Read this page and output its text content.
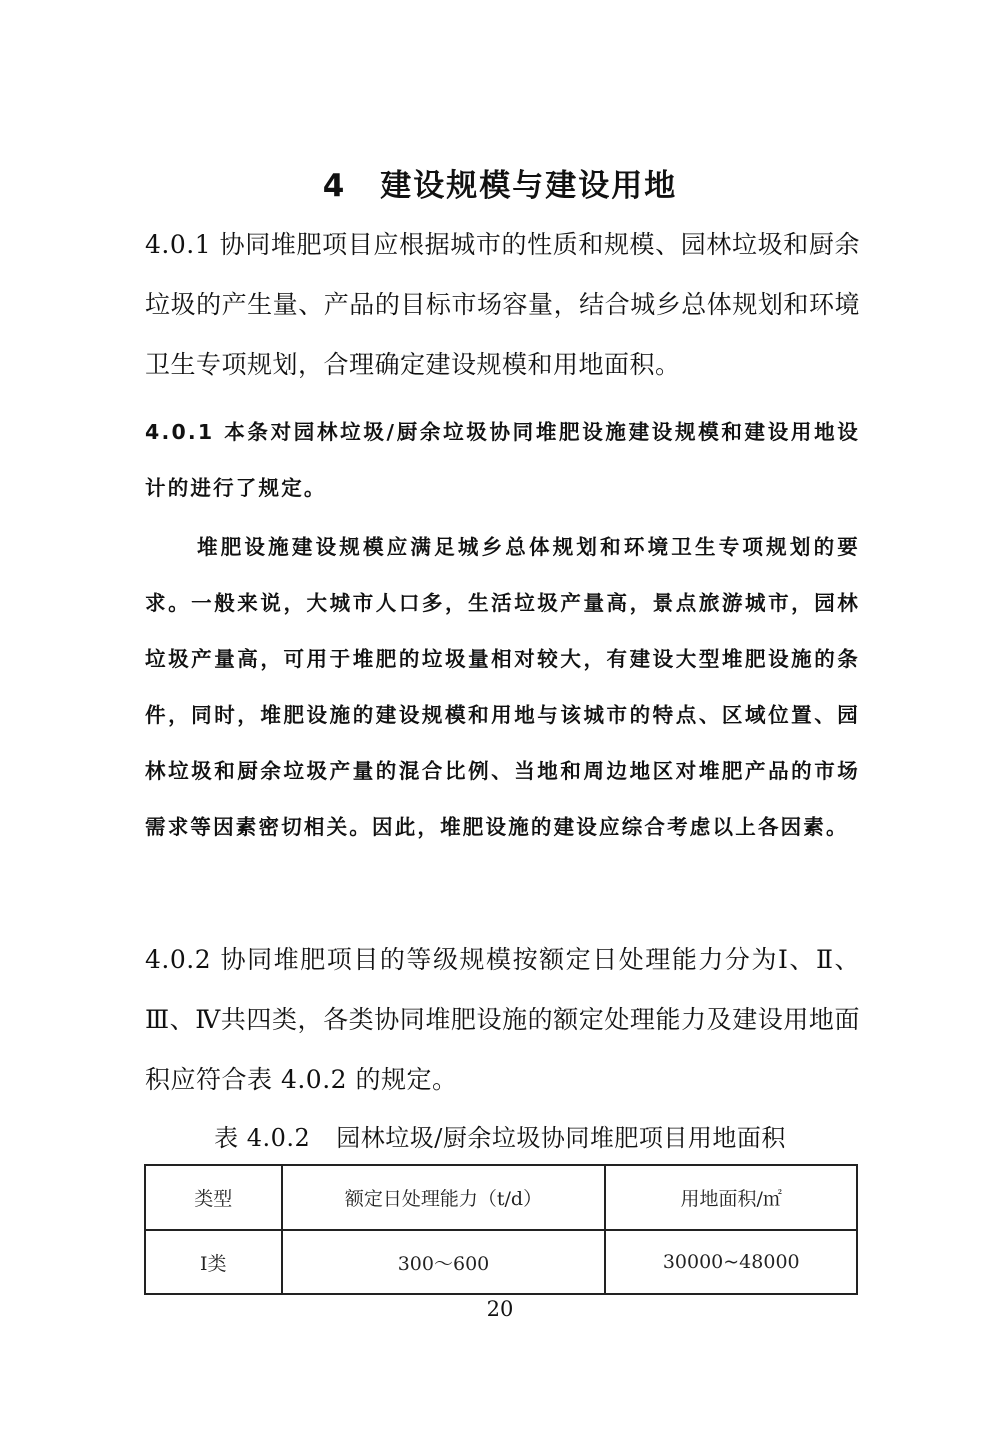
4 建设规模与建设用地
4.0.1 协同堆肥项目应根据城市的性质和规模、园林垃圾和厨余垃圾的产生量、产品的目标市场容量，结合城乡总体规划和环境卫生专项规划，合理确定建设规模和用地面积。
4.0.1 本条对园林垃圾/厨余垃圾协同堆肥设施建设规模和建设用地设计的进行了规定。
堆肥设施建设规模应满足城乡总体规划和环境卫生专项规划的要求。一般来说，大城市人口多，生活垃圾产量高，景点旅游城市，园林垃圾产量高，可用于堆肥的垃圾量相对较大，有建设大型堆肥设施的条件，同时，堆肥设施的建设规模和用地与该城市的特点、区域位置、园林垃圾和厨余垃圾产量的混合比例、当地和周边地区对堆肥产品的市场需求等因素密切相关。因此，堆肥设施的建设应综合考虑以上各因素。
4.0.2 协同堆肥项目的等级规模按额定日处理能力分为Ⅰ、Ⅱ、Ⅲ、Ⅳ共四类，各类协同堆肥设施的额定处理能力及建设用地面积应符合表 4.0.2 的规定。
表 4.0.2 园林垃圾/厨余垃圾协同堆肥项目用地面积
类型	额定日处理能力（t/d）	用地面积/㎡
Ⅰ类	300～600	30000~48000
20
